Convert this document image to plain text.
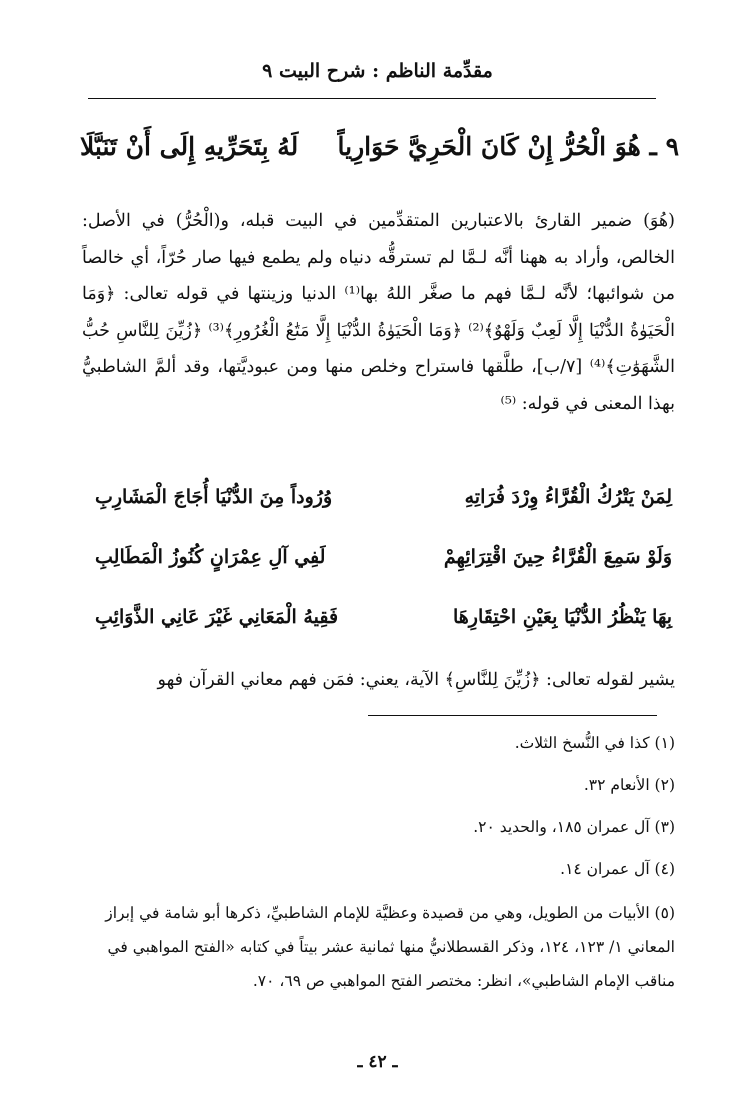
مقدِّمة الناظم : شرح البيت ٩
٩ ـ هُوَ الْحُرُّ إِنْ كَانَ الْحَرِيَّ حَوَارِياً
لَهُ بِتَحَرِّيهِ إِلَى أَنْ تَنَبَّلَا

(هُوَ) ضمير القارئ بالاعتبارين المتقدِّمين في البيت قبله، و(الْحُرُّ) في الأصل: الخالص، وأراد به ههنا أنَّه لـمَّا لم تسترقُّه دنياه ولم يطمع فيها صار حُرّاً، أي خالصاً من شوائبها؛ لأنَّه لـمَّا فهم ما صغَّر اللهُ بها⁽¹⁾ الدنيا وزينتها في قوله تعالى: ﴿وَمَا الْحَيَوٰةُ الدُّنْيَا إِلَّا لَعِبٌ وَلَهْوٌ﴾⁽²⁾ ﴿وَمَا الْحَيَوٰةُ الدُّنْيَا إِلَّا مَتَٰعُ الْغُرُورِ﴾⁽³⁾ ﴿زُيِّنَ لِلنَّاسِ حُبُّ الشَّهَوَٰتِ﴾⁽⁴⁾ [٧/ب]، طلَّقها فاستراح وخلص منها ومن عبوديَّتها، وقد ألمَّ الشاطبيُّ بهذا المعنى في قوله: ⁽⁵⁾

لِمَنْ يَتْرُكُ الْقُرَّاءُ وِرْدَ فُرَاتِهِ
وُرُوداً مِنَ الدُّنْيَا أُجَاجَ الْمَشَارِبِ
وَلَوْ سَمِعَ الْقُرَّاءُ حِينَ اقْتِرَائِهِمْ
لَفِي آلِ عِمْرَانٍ كُنُوزُ الْمَطَالِبِ
بِهَا يَنْظُرُ الدُّنْيَا بِعَيْنِ احْتِقَارِهَا
فَقِيهُ الْمَعَانِي غَيْرَ عَانِي الذَّوَائِبِ
يشير لقوله تعالى: ﴿زُيِّنَ لِلنَّاسِ﴾ الآية، يعني: فمَن فهم معاني القرآن فهو

(١) كذا في النُّسخ الثلاث.

(٢) الأنعام ٣٢.

(٣) آل عمران ١٨٥، والحديد ٢٠.

(٤) آل عمران ١٤.

(٥) الأبيات من الطويل، وهي من قصيدة وعظيَّة للإمام الشاطبيِّ، ذكرها أبو شامة في إبراز المعاني ١/ ١٢٣، ١٢٤، وذكر القسطلانيُّ منها ثمانية عشر بيتاً في كتابه «الفتح المواهبي في مناقب الإمام الشاطبي»، انظر: مختصر الفتح المواهبي ص ٦٩، ٧٠.

ـ ٤٢ ـ
